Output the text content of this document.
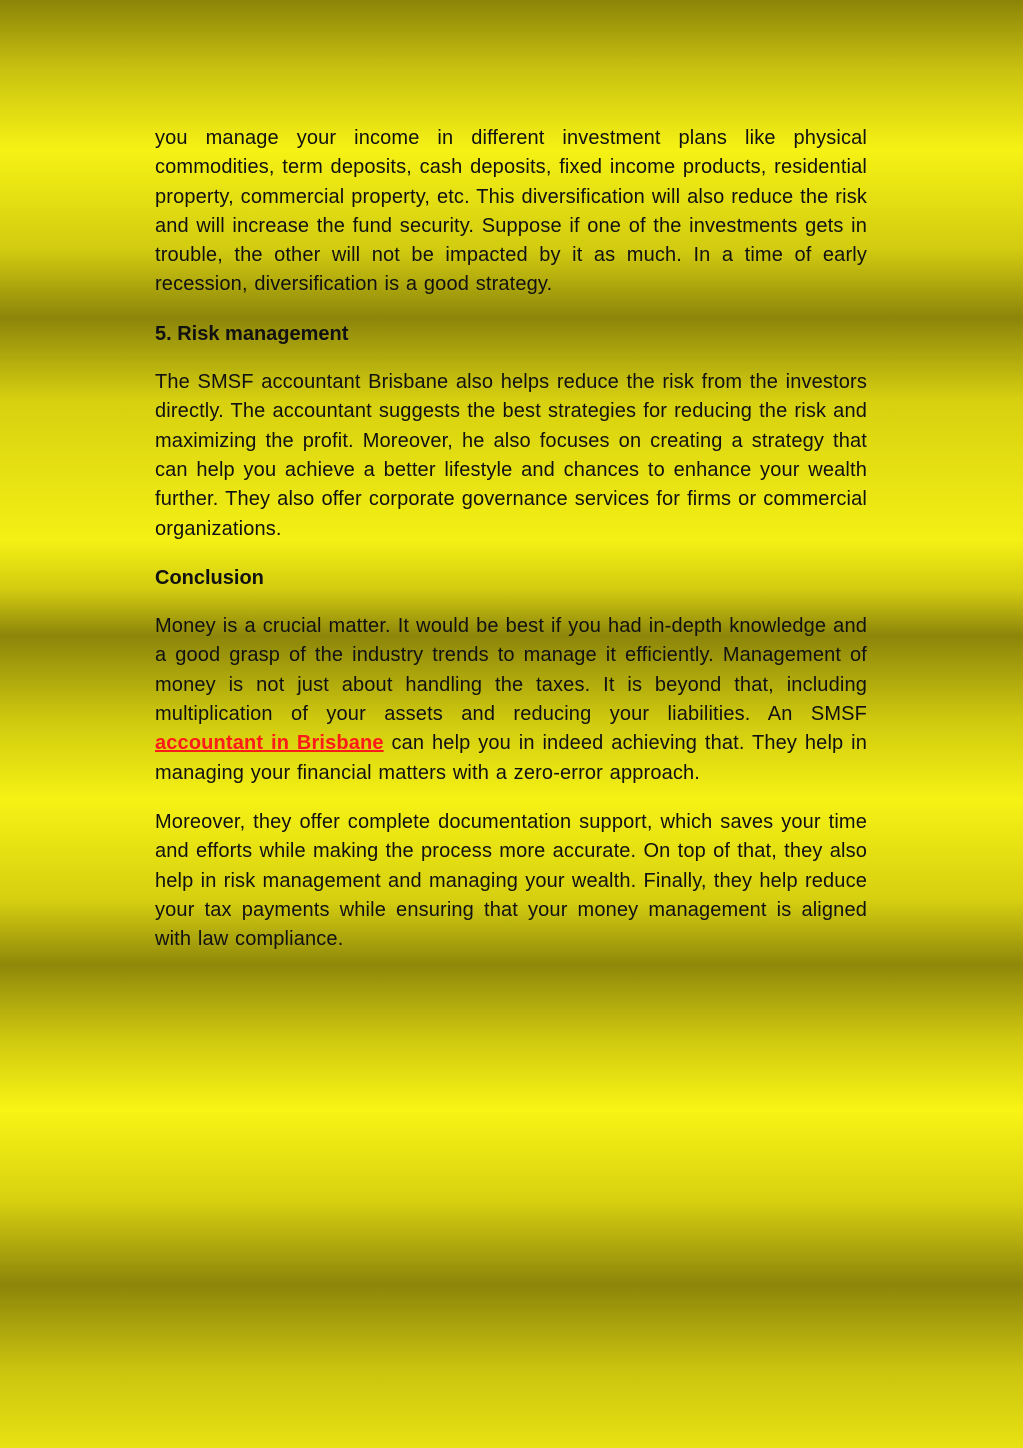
you manage your income in different investment plans like physical commodities, term deposits, cash deposits, fixed income products, residential property, commercial property, etc. This diversification will also reduce the risk and will increase the fund security. Suppose if one of the investments gets in trouble, the other will not be impacted by it as much. In a time of early recession, diversification is a good strategy.

5. Risk management

The SMSF accountant Brisbane also helps reduce the risk from the investors directly. The accountant suggests the best strategies for reducing the risk and maximizing the profit. Moreover, he also focuses on creating a strategy that can help you achieve a better lifestyle and chances to enhance your wealth further. They also offer corporate governance services for firms or commercial organizations.

Conclusion

Money is a crucial matter. It would be best if you had in-depth knowledge and a good grasp of the industry trends to manage it efficiently. Management of money is not just about handling the taxes. It is beyond that, including multiplication of your assets and reducing your liabilities. An SMSF accountant in Brisbane can help you in indeed achieving that. They help in managing your financial matters with a zero-error approach.

Moreover, they offer complete documentation support, which saves your time and efforts while making the process more accurate. On top of that, they also help in risk management and managing your wealth. Finally, they help reduce your tax payments while ensuring that your money management is aligned with law compliance.
